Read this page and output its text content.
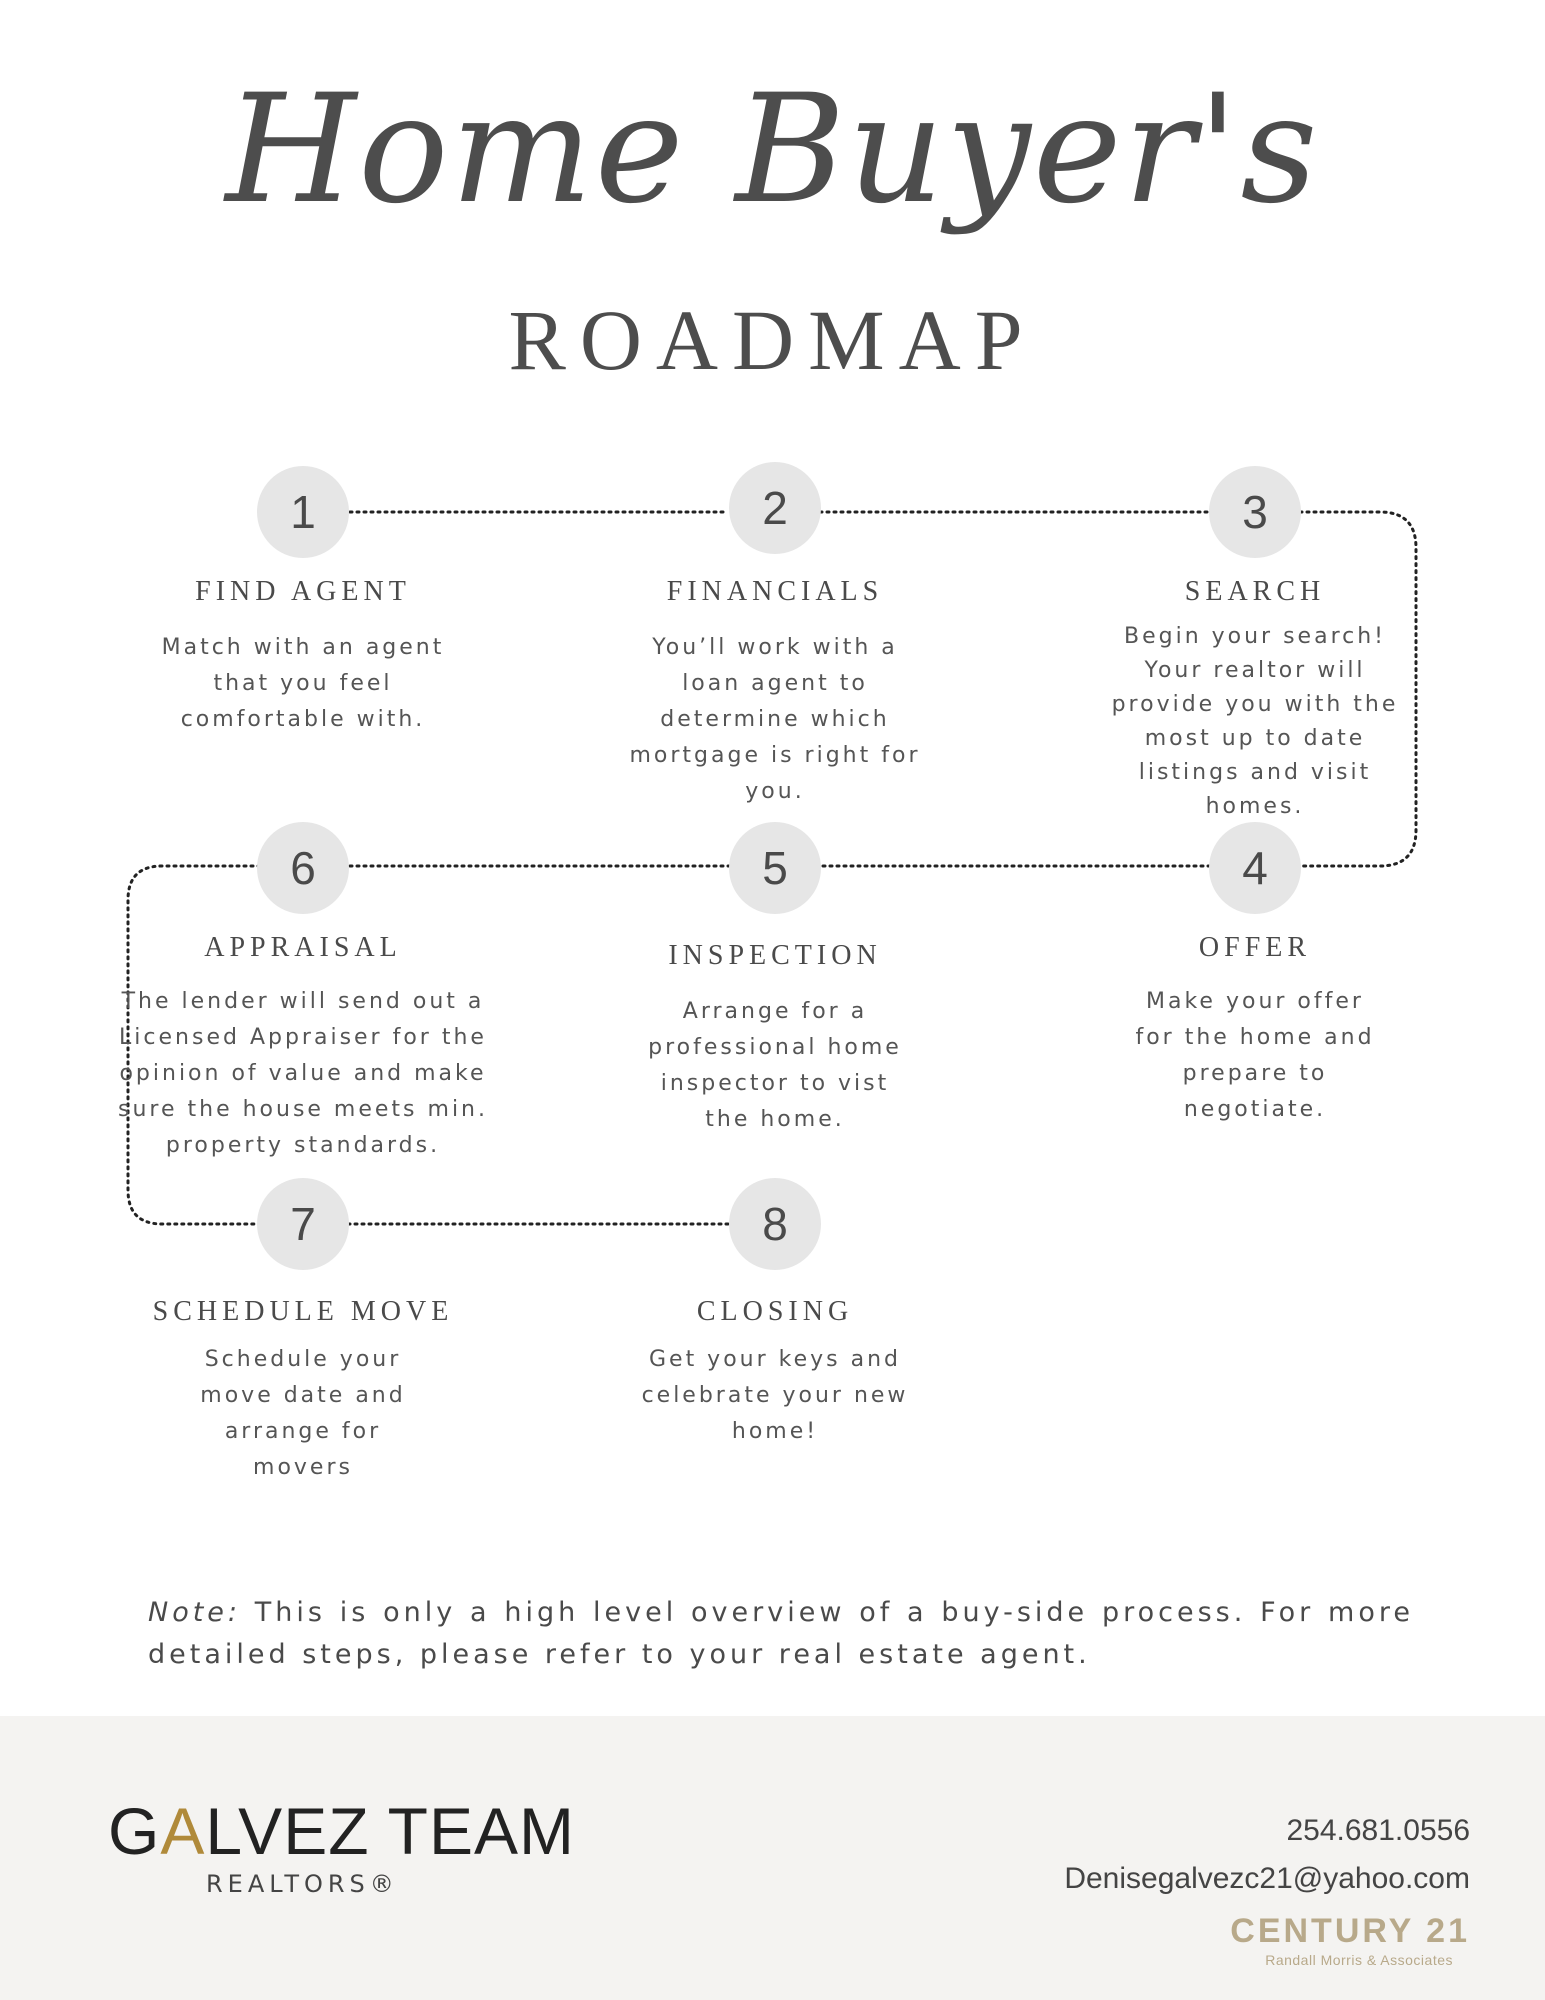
Home Buyer's
ROADMAP
1
FIND AGENT
Match with an agent that you feel comfortable with.
2
FINANCIALS
You’ll work with a loan agent to determine which mortgage is right for you.
3
SEARCH
Begin your search! Your realtor will provide you with the most up to date listings and visit homes.
6
APPRAISAL
The lender will send out a Licensed Appraiser for the opinion of value and make sure the house meets min. property standards.
5
INSPECTION
Arrange for a professional home inspector to vist the home.
4
OFFER
Make your offer for the home and prepare to negotiate.
7
SCHEDULE MOVE
Schedule your move date and arrange for movers
8
CLOSING
Get your keys and celebrate your new home!
Note: This is only a high level overview of a buy-side process. For more detailed steps, please refer to your real estate agent.
GALVEZ TEAM
REALTORS®
254.681.0556
Denisegalvezc21@yahoo.com
CENTURY 21
Randall Morris & Associates
